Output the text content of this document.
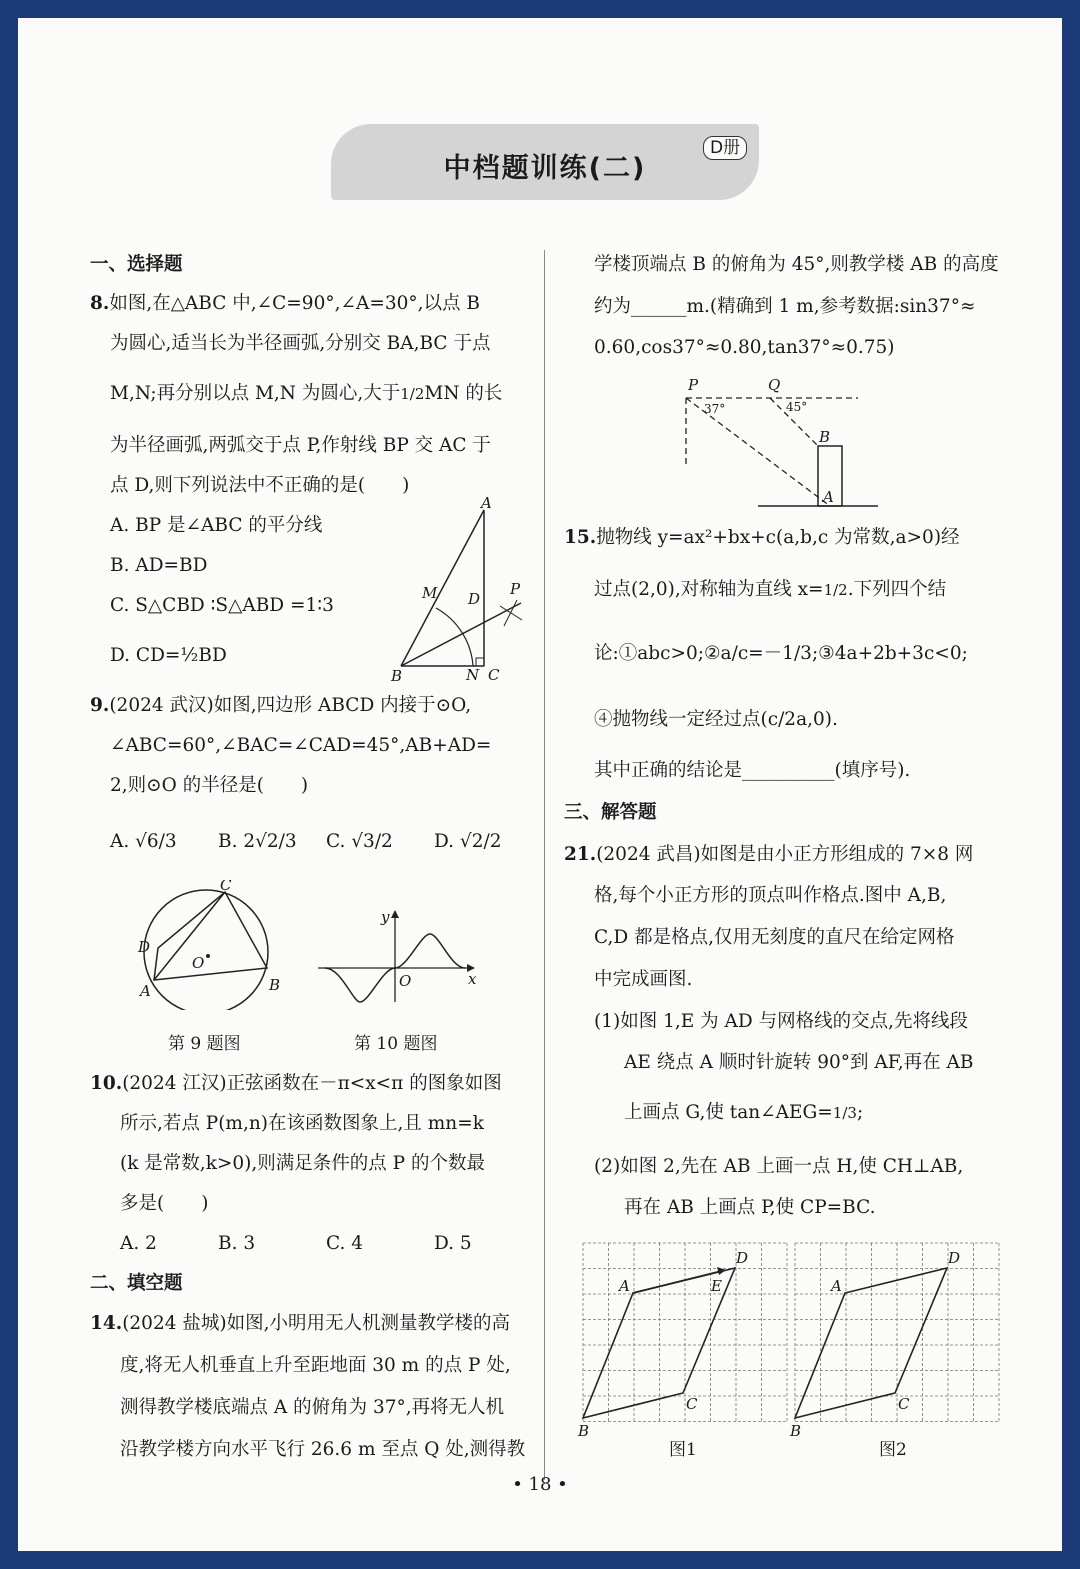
中档题训练(二)
D册
一、选择题
8.如图,在△ABC 中,∠C=90°,∠A=30°,以点 B
为圆心,适当长为半径画弧,分别交 BA,BC 于点
M,N;再分别以点 M,N 为圆心,大于1/2MN 的长
为半径画弧,两弧交于点 P,作射线 BP 交 AC 于
点 D,则下列说法中不正确的是(　　)
A. BP 是∠ABC 的平分线
B. AD=BD
C. S△CBD ∶S△ABD =1∶3
D. CD=½BD
A
B	C
D
M
N
P
9.(2024 武汉)如图,四边形 ABCD 内接于⊙O,
∠ABC=60°,∠BAC=∠CAD=45°,AB+AD=
2,则⊙O 的半径是(　　)
A. √6/3 B. 2√2/3 C. √3/2 D. √2/2
C
D
A	B
O
y
x
O
第 9 题图	第 10 题图
10.(2024 江汉)正弦函数在－π<x<π 的图象如图
所示,若点 P(m,n)在该函数图象上,且 mn=k
(k 是常数,k>0),则满足条件的点 P 的个数最
多是(　　)
A. 2	B. 3	C. 4	D. 5
二、填空题
14.(2024 盐城)如图,小明用无人机测量教学楼的高
度,将无人机垂直上升至距地面 30 m 的点 P 处,
测得教学楼底端点 A 的俯角为 37°,再将无人机
沿教学楼方向水平飞行 26.6 m 至点 Q 处,测得教
学楼顶端点 B 的俯角为 45°,则教学楼 AB 的高度
约为______m.(精确到 1 m,参考数据:sin37°≈
0.60,cos37°≈0.80,tan37°≈0.75)
P	Q
B
A
37°	45°
15.抛物线 y=ax²+bx+c(a,b,c 为常数,a>0)经
过点(2,0),对称轴为直线 x=1/2.下列四个结
论:①abc>0;②a/c=－1/3;③4a+2b+3c<0;
④抛物线一定经过点(c/2a,0).
其中正确的结论是__________(填序号).
三、解答题
21.(2024 武昌)如图是由小正方形组成的 7×8 网
格,每个小正方形的顶点叫作格点.图中 A,B,
C,D 都是格点,仅用无刻度的直尺在给定网格
中完成画图.
(1)如图 1,E 为 AD 与网格线的交点,先将线段
AE 绕点 A 顺时针旋转 90°到 AF,再在 AB
上画点 G,使 tan∠AEG=1/3;
(2)如图 2,先在 AB 上画一点 H,使 CH⊥AB,
再在 AB 上画点 P,使 CP=BC.
A
B
C
D
E
图1
A
B
C
D
图2
• 18 •
